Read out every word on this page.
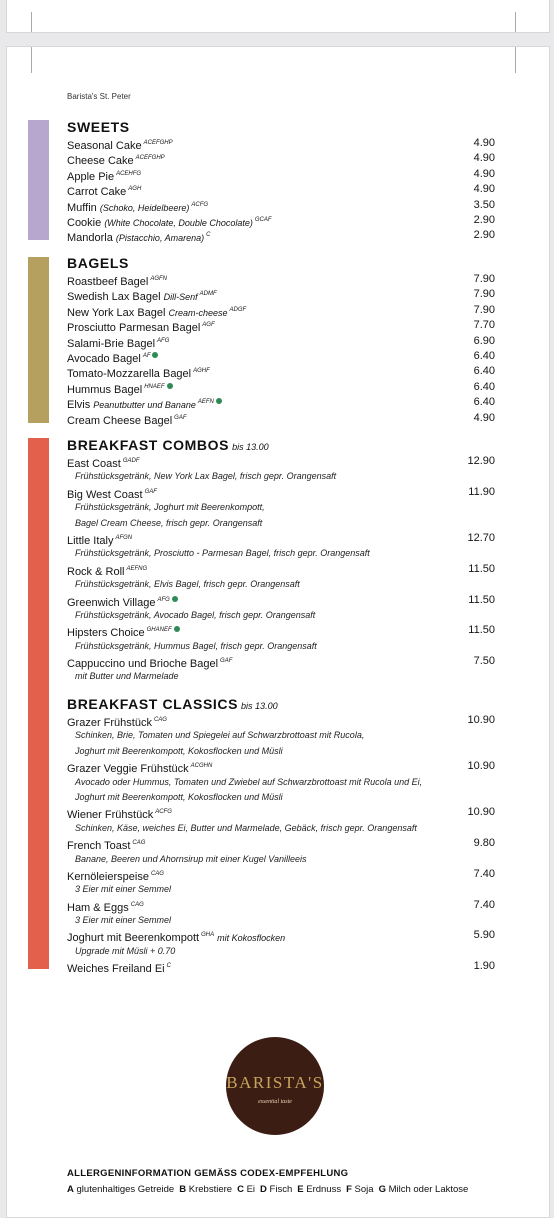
Barista's St. Peter
SWEETS
Seasonal Cake $^{ACEFGHP}$	4.90
Cheese Cake $^{ACEFGHP}$	4.90
Apple Pie $^{ACEHFG}$	4.90
Carrot Cake $^{AGH}$	4.90
Muffin (Schoko, Heidelbeere) $^{ACFG}$	3.50
Cookie (White Chocolate, Double Chocolate) $^{GCAF}$	2.90
Mandorla (Pistacchio, Amarena) $^C$	2.90
BAGELS
Roastbeef Bagel $^{AGFN}$	7.90
Swedish Lax Bagel Dill-Senf $^{ADMF}$	7.90
New York Lax Bagel Cream-cheese $^{ADGF}$	7.90
Prosciutto Parmesan Bagel $^{AGF}$	7.70
Salami-Brie Bagel $^{AFG}$	6.90
Avocado Bagel $^{AF}$	6.40
Tomato-Mozzarella Bagel $^{AGHF}$	6.40
Hummus Bagel $^{HNAEF}$	6.40
Elvis Peanutbutter und Banane $^{AEFN}$	6.40
Cream Cheese Bagel $^{GAF}$	4.90
BREAKFAST COMBOS bis 13.00
East Coast $^{GADF}$	12.90
Frühstücksgetränk, New York Lax Bagel, frisch gepr. Orangensaft
Big West Coast $^{GAF}$	11.90
Frühstücksgetränk, Joghurt mit Beerenkompott,
Bagel Cream Cheese, frisch gepr. Orangensaft
Little Italy $^{AFGN}$	12.70
Frühstücksgetränk, Prosciutto - Parmesan Bagel, frisch gepr. Orangensaft
Rock & Roll $^{AEFNG}$	11.50
Frühstücksgetränk, Elvis Bagel, frisch gepr. Orangensaft
Greenwich Village $^{AFG}$	11.50
Frühstücksgetränk, Avocado Bagel, frisch gepr. Orangensaft
Hipsters Choice $^{GHANEF}$	11.50
Frühstücksgetränk, Hummus Bagel, frisch gepr. Orangensaft
Cappuccino und Brioche Bagel $^{GAF}$	7.50
mit Butter und Marmelade
BREAKFAST CLASSICS bis 13.00
Grazer Frühstück $^{CAG}$	10.90
Schinken, Brie, Tomaten und Spiegelei auf Schwarzbrottoast mit Rucola,
Joghurt mit Beerenkompott, Kokosflocken und Müsli
Grazer Veggie Frühstück $^{ACGHN}$	10.90
Avocado oder Hummus, Tomaten und Zwiebel auf Schwarzbrottoast mit Rucola und Ei,
Joghurt mit Beerenkompott, Kokosflocken und Müsli
Wiener Frühstück $^{ACFG}$	10.90
Schinken, Käse, weiches Ei, Butter und Marmelade, Gebäck, frisch gepr. Orangensaft
French Toast $^{CAG}$	9.80
Banane, Beeren und Ahornsirup mit einer Kugel Vanilleeis
Kernöleierspeise $^{CAG}$	7.40
3 Eier mit einer Semmel
Ham & Eggs $^{CAG}$	7.40
3 Eier mit einer Semmel
Joghurt mit Beerenkompott $^{GHA}$ mit Kokosflocken	5.90
Upgrade mit Müsli + 0.70
Weiches Freiland Ei $^C$	1.90
BARISTA'S
essential taste
ALLERGENINFORMATION GEMÄSS CODEX-EMPFEHLUNG
A glutenhaltiges Getreide B Krebstiere C Ei D Fisch E Erdnuss F Soja G Milch oder Laktose
